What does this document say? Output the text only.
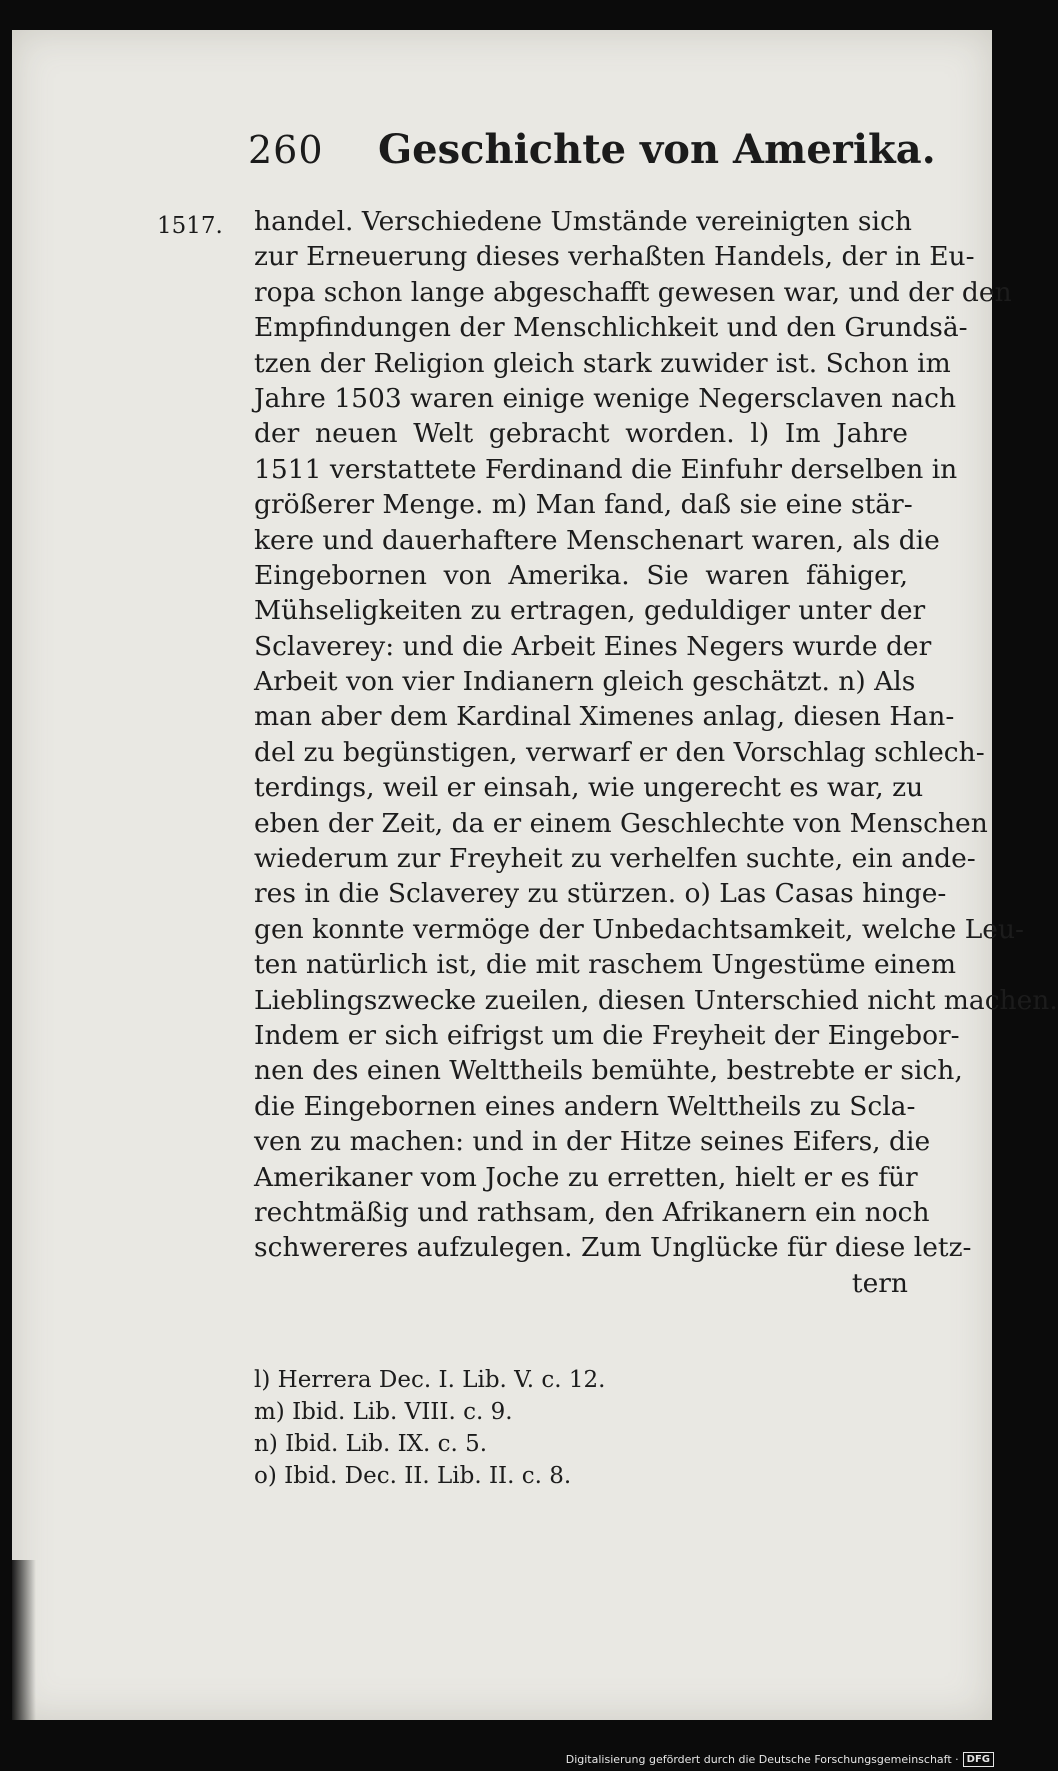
260 Geschichte von Amerika.
1517. handel. Verschiedene Umstände vereinigten sich
zur Erneuerung dieses verhaßten Handels, der in Eu-
ropa schon lange abgeschafft gewesen war, und der den
Empfindungen der Menschlichkeit und den Grundsä-
tzen der Religion gleich stark zuwider ist. Schon im
Jahre 1503 waren einige wenige Negersclaven nach
der neuen Welt gebracht worden. l) Im Jahre
1511 verstattete Ferdinand die Einfuhr derselben in
größerer Menge. m) Man fand, daß sie eine stär-
kere und dauerhaftere Menschenart waren, als die
Eingebornen von Amerika. Sie waren fähiger,
Mühseligkeiten zu ertragen, geduldiger unter der
Sclaverey: und die Arbeit Eines Negers wurde der
Arbeit von vier Indianern gleich geschätzt. n) Als
man aber dem Kardinal Ximenes anlag, diesen Han-
del zu begünstigen, verwarf er den Vorschlag schlech-
terdings, weil er einsah, wie ungerecht es war, zu
eben der Zeit, da er einem Geschlechte von Menschen
wiederum zur Freyheit zu verhelfen suchte, ein ande-
res in die Sclaverey zu stürzen. o) Las Casas hinge-
gen konnte vermöge der Unbedachtsamkeit, welche Leu-
ten natürlich ist, die mit raschem Ungestüme einem
Lieblingszwecke zueilen, diesen Unterschied nicht machen.
Indem er sich eifrigst um die Freyheit der Eingebor-
nen des einen Welttheils bemühte, bestrebte er sich,
die Eingebornen eines andern Welttheils zu Scla-
ven zu machen: und in der Hitze seines Eifers, die
Amerikaner vom Joche zu erretten, hielt er es für
rechtmäßig und rathsam, den Afrikanern ein noch
schwereres aufzulegen. Zum Unglücke für diese letz-
tern
l) Herrera Dec. I. Lib. V. c. 12.
m) Ibid. Lib. VIII. c. 9.
n) Ibid. Lib. IX. c. 5.
o) Ibid. Dec. II. Lib. II. c. 8.
Digitalisierung gefördert durch die Deutsche Forschungsgemeinschaft · DFG
